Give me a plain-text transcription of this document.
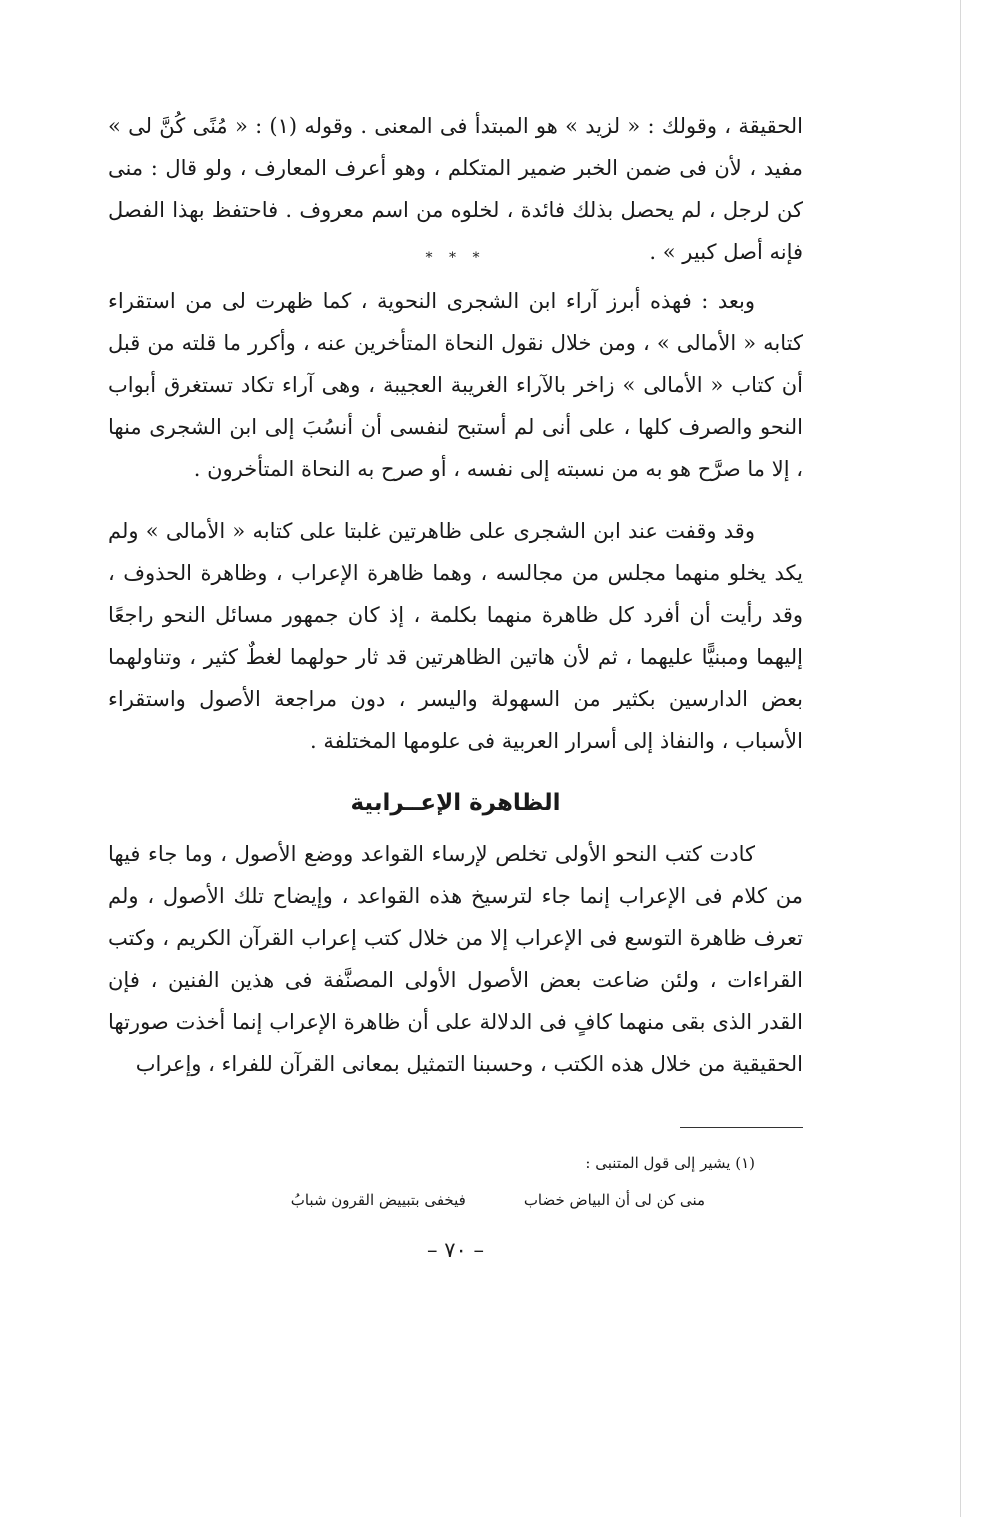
الحقيقة ، وقولك : « لزيد » هو المبتدأ فى المعنى . وقوله (١) : « مُنًى كُنَّ لى » مفيد ، لأن فى ضمن الخبر ضمير المتكلم ، وهو أعرف المعارف ، ولو قال : منى كن لرجل ، لم يحصل بذلك فائدة ، لخلوه من اسم معروف . فاحتفظ بهذا الفصل فإنه أصل كبير » .

* * *

وبعد : فهذه أبرز آراء ابن الشجرى النحوية ، كما ظهرت لى من استقراء كتابه « الأمالى » ، ومن خلال نقول النحاة المتأخرين عنه ، وأكرر ما قلته من قبل أن كتاب « الأمالى » زاخر بالآراء الغريبة العجيبة ، وهى آراء تكاد تستغرق أبواب النحو والصرف كلها ، على أنى لم أستبح لنفسى أن أنسُبَ إلى ابن الشجرى منها ، إلا ما صرَّح هو به من نسبته إلى نفسه ، أو صرح به النحاة المتأخرون .

وقد وقفت عند ابن الشجرى على ظاهرتين غلبتا على كتابه « الأمالى » ولم يكد يخلو منهما مجلس من مجالسه ، وهما ظاهرة الإعراب ، وظاهرة الحذوف ، وقد رأيت أن أفرد كل ظاهرة منهما بكلمة ، إذ كان جمهور مسائل النحو راجعًا إليهما ومبنيًّا عليهما ، ثم لأن هاتين الظاهرتين قد ثار حولهما لغطٌ كثير ، وتناولهما بعض الدارسين بكثير من السهولة واليسر ، دون مراجعة الأصول واستقراء الأسباب ، والنفاذ إلى أسرار العربية فى علومها المختلفة .

الظاهرة الإعــرابية

كادت كتب النحو الأولى تخلص لإرساء القواعد ووضع الأصول ، وما جاء فيها من كلام فى الإعراب إنما جاء لترسيخ هذه القواعد ، وإيضاح تلك الأصول ، ولم تعرف ظاهرة التوسع فى الإعراب إلا من خلال كتب إعراب القرآن الكريم ، وكتب القراءات ، ولئن ضاعت بعض الأصول الأولى المصنَّفة فى هذين الفنين ، فإن القدر الذى بقى منهما كافٍ فى الدلالة على أن ظاهرة الإعراب إنما أخذت صورتها الحقيقية من خلال هذه الكتب ، وحسبنا التمثيل بمعانى القرآن للفراء ، وإعراب

(١) يشير إلى قول المتنبى :
منى كن لى أن البياض خضاب
فيخفى بتبييض القرون شبابُ
– ٧٠ –
